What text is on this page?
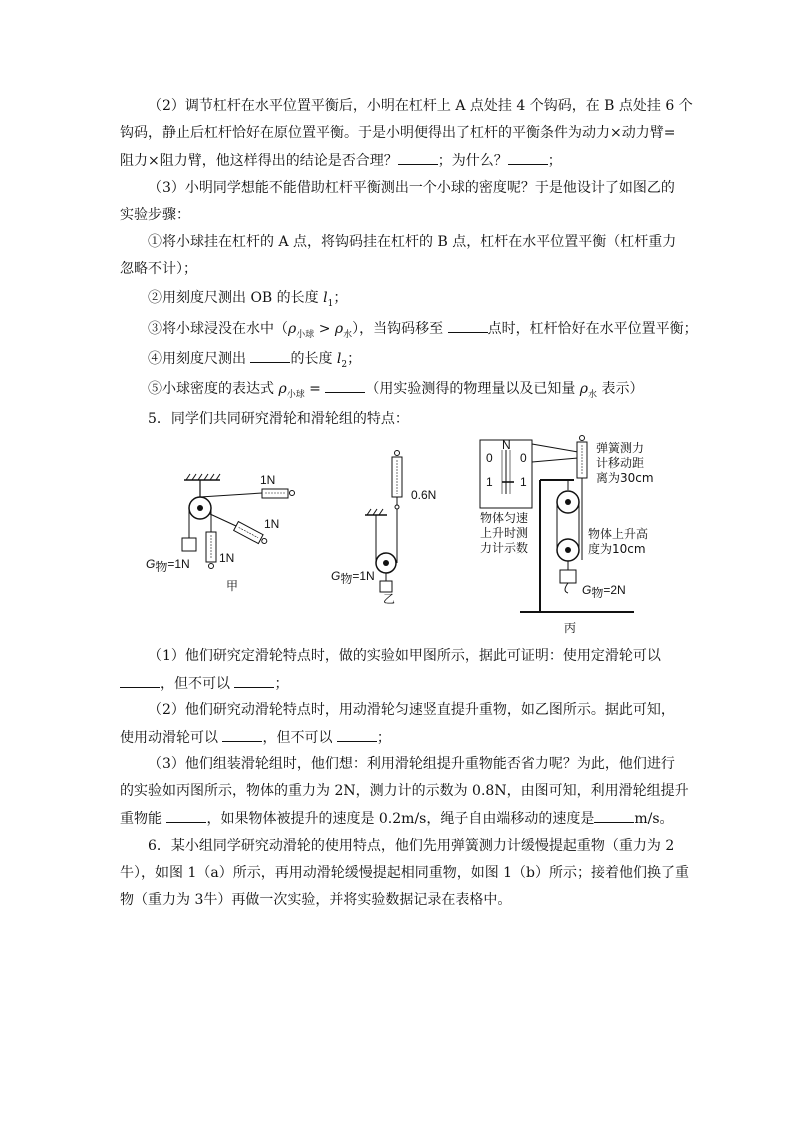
（2）调节杠杆在水平位置平衡后，小明在杠杆上 A 点处挂 4 个钩码，在 B 点处挂 6 个
钩码，静止后杠杆恰好在原位置平衡。于是小明便得出了杠杆的平衡条件为动力×动力臂=
阻力×阻力臂，他这样得出的结论是否合理？	；为什么？	；
（3）小明同学想能不能借助杠杆平衡测出一个小球的密度呢？于是他设计了如图乙的
实验步骤：
①将小球挂在杠杆的 A 点，将钩码挂在杠杆的 B 点，杠杆在水平位置平衡（杠杆重力
忽略不计）；
②用刻度尺测出 OB 的长度 $l_1$；
③将小球浸没在水中$(\rho_{小球} > \rho_水)$，当钩码移至	点时，杠杆恰好在水平位置平衡；
④用刻度尺测出	的长度 $l_2$；
⑤小球密度的表达式 $\rho_{小球}$ =	（用实验测得的物理量以及已知量 $\rho_水$ 表示）
5．同学们共同研究滑轮和滑轮组的特点：
1N
1N
1N
G物=1N
甲
0.6N
G物=1N
乙
N
0 0
1 1
物体匀速
上升时测
力计示数
弹簧测力
计移动距
离为30cm
物体上升高
度为10cm
G物=2N
丙
（1）他们研究定滑轮特点时，做的实验如甲图所示，据此可证明：使用定滑轮可以
，但不可以	；
（2）他们研究动滑轮特点时，用动滑轮匀速竖直提升重物，如乙图所示。据此可知，
使用动滑轮可以	，但不可以	；
（3）他们组装滑轮组时，他们想：利用滑轮组提升重物能否省力呢？为此，他们进行
的实验如丙图所示，物体的重力为 2N，测力计的示数为 0.8N，由图可知，利用滑轮组提升
重物能	，如果物体被提升的速度是 0.2m/s，绳子自由端移动的速度是	m/s。
6．某小组同学研究动滑轮的使用特点，他们先用弹簧测力计缓慢提起重物（重力为 2
牛），如图 1（a）所示，再用动滑轮缓慢提起相同重物，如图 1（b）所示；接着他们换了重
物（重力为 3牛）再做一次实验，并将实验数据记录在表格中。
